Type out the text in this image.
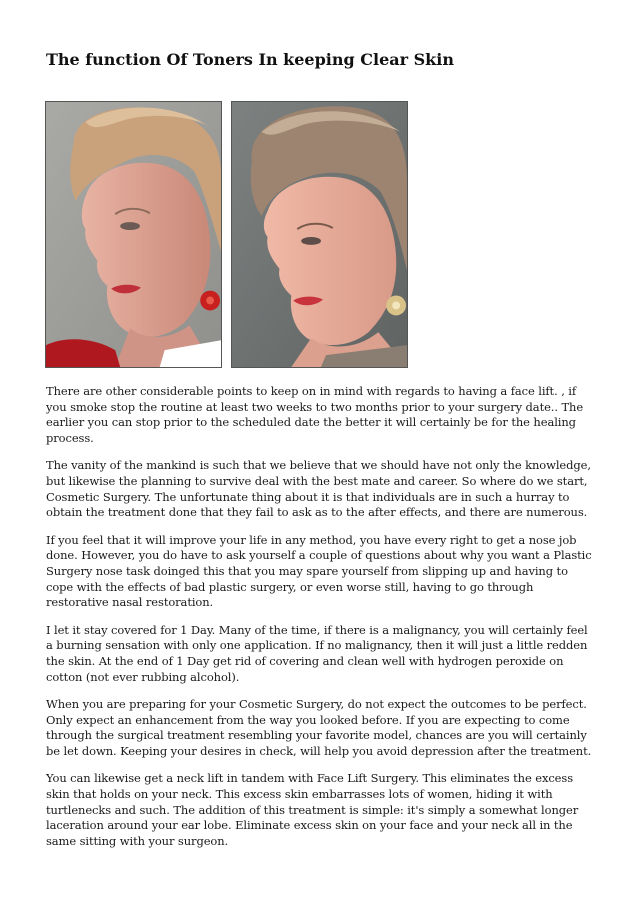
The function Of Toners In keeping Clear Skin

There are other considerable points to keep on in mind with regards to having a face lift. , if you smoke stop the routine at least two weeks to two months prior to your surgery date.. The earlier you can stop prior to the scheduled date the better it will certainly be for the healing process.

The vanity of the mankind is such that we believe that we should have not only the knowledge, but likewise the planning to survive deal with the best mate and career. So where do we start, Cosmetic Surgery. The unfortunate thing about it is that individuals are in such a hurray to obtain the treatment done that they fail to ask as to the after effects, and there are numerous.

If you feel that it will improve your life in any method, you have every right to get a nose job done. However, you do have to ask yourself a couple of questions about why you want a Plastic Surgery nose task doinged this that you may spare yourself from slipping up and having to cope with the effects of bad plastic surgery, or even worse still, having to go through restorative nasal restoration.

I let it stay covered for 1 Day. Many of the time, if there is a malignancy, you will certainly feel a burning sensation with only one application. If no malignancy, then it will just a little redden the skin. At the end of 1 Day get rid of covering and clean well with hydrogen peroxide on cotton (not ever rubbing alcohol).

When you are preparing for your Cosmetic Surgery, do not expect the outcomes to be perfect. Only expect an enhancement from the way you looked before. If you are expecting to come through the surgical treatment resembling your favorite model, chances are you will certainly be let down. Keeping your desires in check, will help you avoid depression after the treatment.

You can likewise get a neck lift in tandem with Face Lift Surgery. This eliminates the excess skin that holds on your neck. This excess skin embarrasses lots of women, hiding it with turtlenecks and such. The addition of this treatment is simple: it's simply a somewhat longer laceration around your ear lobe. Eliminate excess skin on your face and your neck all in the same sitting with your surgeon.
